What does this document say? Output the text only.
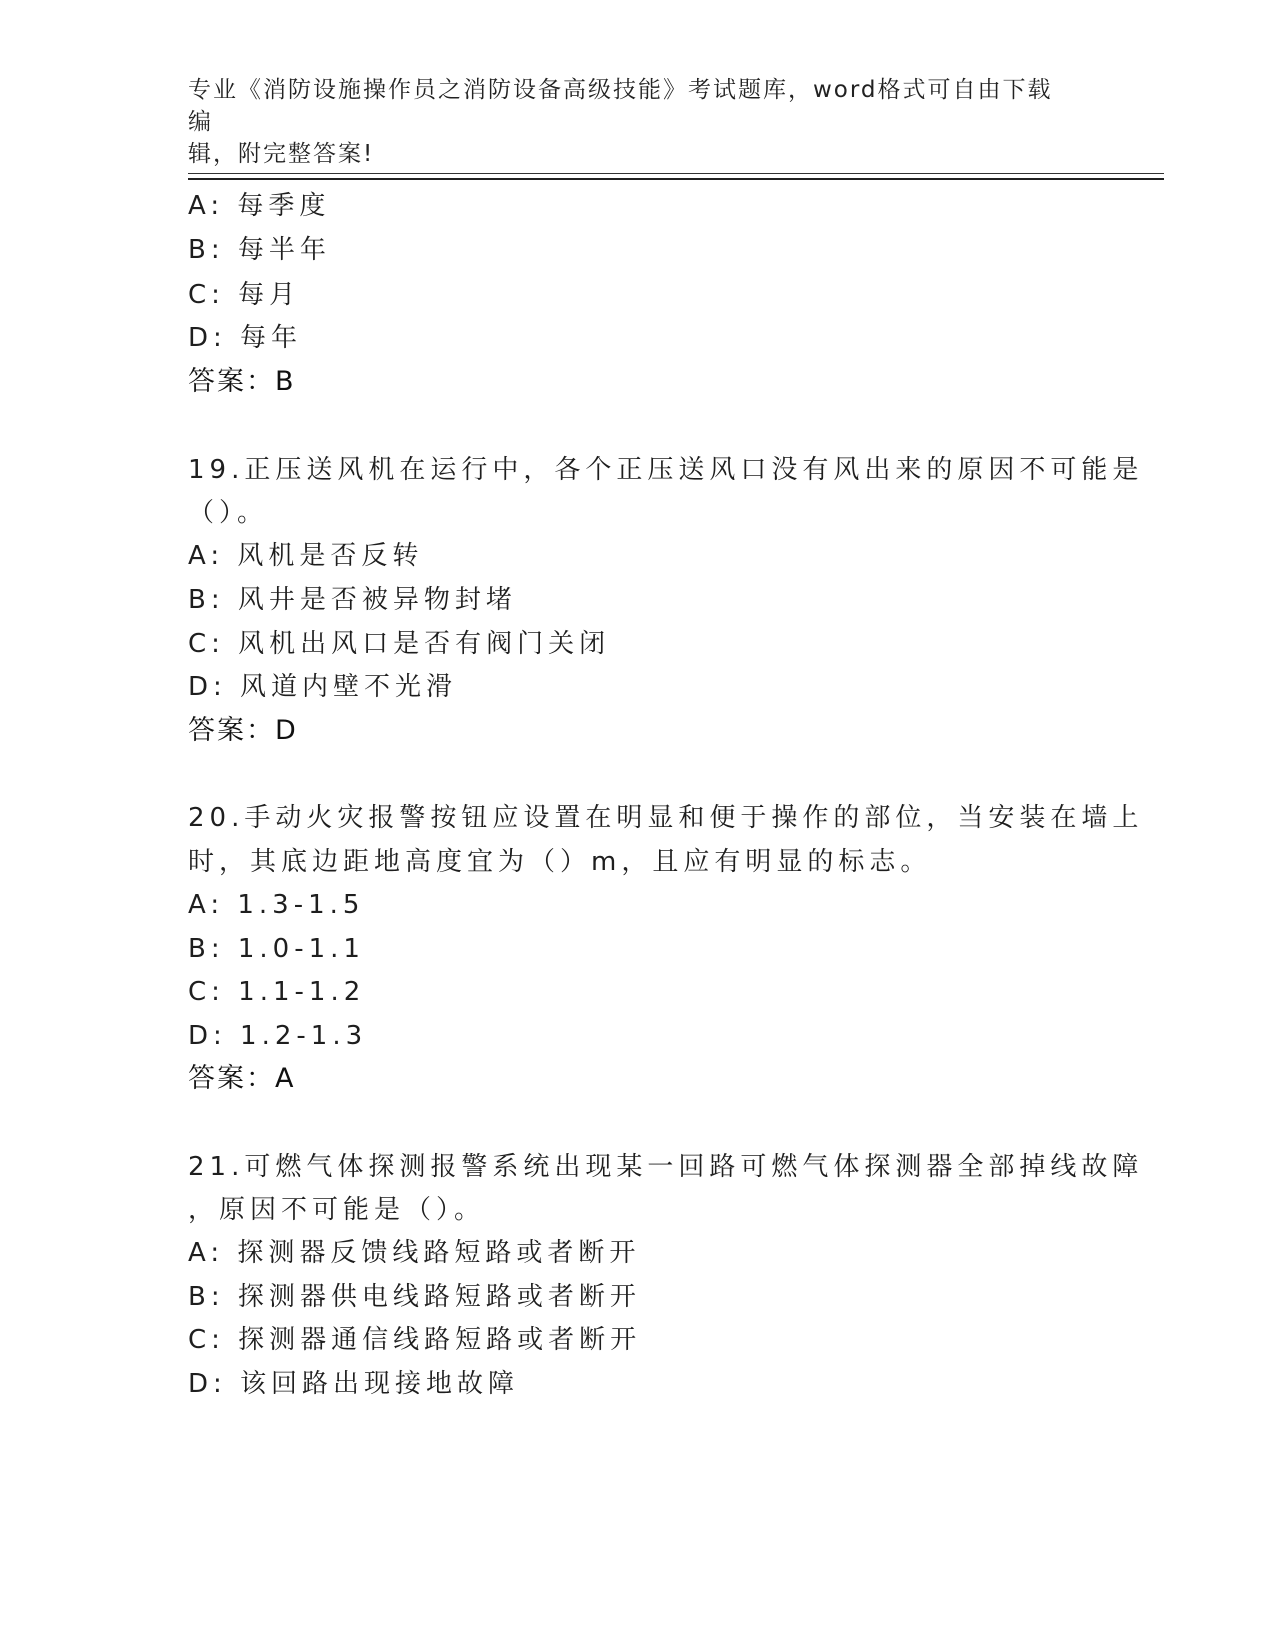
专业《消防设施操作员之消防设备高级技能》考试题库，word格式可自由下载编
辑，附完整答案!
A: 每季度
B: 每半年
C: 每月
D: 每年
答案：B
19.正压送风机在运行中，各个正压送风口没有风出来的原因不可能是
（）。
A: 风机是否反转
B: 风井是否被异物封堵
C: 风机出风口是否有阀门关闭
D: 风道内壁不光滑
答案：D
20.手动火灾报警按钮应设置在明显和便于操作的部位，当安装在墙上
时，其底边距地高度宜为（）m，且应有明显的标志。
A: 1.3-1.5
B: 1.0-1.1
C: 1.1-1.2
D: 1.2-1.3
答案：A
21.可燃气体探测报警系统出现某一回路可燃气体探测器全部掉线故障
，原因不可能是（）。
A: 探测器反馈线路短路或者断开
B: 探测器供电线路短路或者断开
C: 探测器通信线路短路或者断开
D: 该回路出现接地故障
